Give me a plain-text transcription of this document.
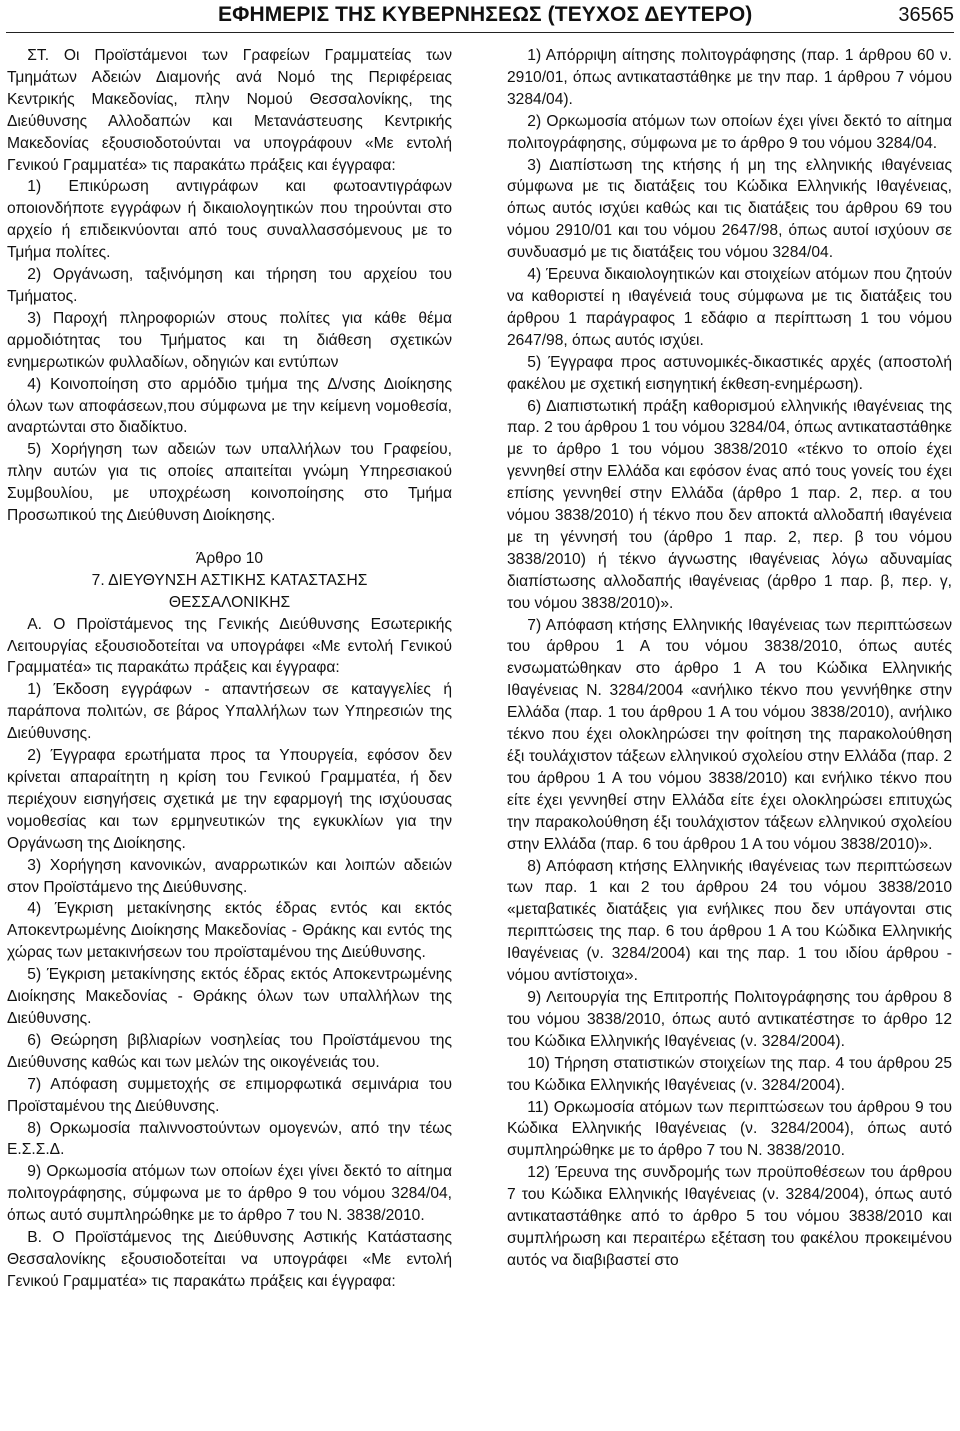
ΕΦΗΜΕΡΙΣ ΤΗΣ ΚΥΒΕΡΝΗΣΕΩΣ (ΤΕΥΧΟΣ ΔΕΥΤΕΡΟ)	36565

ΣΤ. Οι Προϊστάμενοι των Γραφείων Γραμματείας των Τμημάτων Αδειών Διαμονής ανά Νομό της Περιφέρειας Κεντρικής Μακεδονίας, πλην Νομού Θεσσαλονίκης, της Διεύθυνσης Αλλοδαπών και Μετανάστευσης Κεντρικής Μακεδονίας εξουσιοδοτούνται να υπογράφουν «Με εντολή Γενικού Γραμματέα» τις παρακάτω πράξεις και έγγραφα:

1) Επικύρωση αντιγράφων και φωτοαντιγράφων οποιονδήποτε εγγράφων ή δικαιολογητικών που τηρούνται στο αρχείο ή επιδεικνύονται από τους συναλλασσόμενους με το Τμήμα πολίτες.

2) Οργάνωση, ταξινόμηση και τήρηση του αρχείου του Τμήματος.

3) Παροχή πληροφοριών στους πολίτες για κάθε θέμα αρμοδιότητας του Τμήματος και τη διάθεση σχετικών ενημερωτικών φυλλαδίων, οδηγιών και εντύπων

4) Κοινοποίηση στο αρμόδιο τμήμα της Δ/νσης Διοίκησης όλων των αποφάσεων,που σύμφωνα με την κείμενη νομοθεσία, αναρτώνται στο διαδίκτυο.

5) Χορήγηση των αδειών των υπαλλήλων του Γραφείου, πλην αυτών για τις οποίες απαιτείται γνώμη Υπηρεσιακού Συμβουλίου, με υποχρέωση κοινοποίησης στο Τμήμα Προσωπικού της Διεύθυνση Διοίκησης.

Άρθρο 10

7. ΔΙΕΥΘΥΝΣΗ ΑΣΤΙΚΗΣ ΚΑΤΑΣΤΑΣΗΣ

ΘΕΣΣΑΛΟΝΙΚΗΣ

Α. Ο Προϊστάμενος της Γενικής Διεύθυνσης Εσωτερικής Λειτουργίας εξουσιοδοτείται να υπογράφει «Με εντολή Γενικού Γραμματέα» τις παρακάτω πράξεις και έγγραφα:

1) Έκδοση εγγράφων - απαντήσεων σε καταγγελίες ή παράπονα πολιτών, σε βάρος Υπαλλήλων των Υπηρεσιών της Διεύθυνσης.

2) Έγγραφα ερωτήματα προς τα Υπουργεία, εφόσον δεν κρίνεται απαραίτητη η κρίση του Γενικού Γραμματέα, ή δεν περιέχουν εισηγήσεις σχετικά με την εφαρμογή της ισχύουσας νομοθεσίας και των ερμηνευτικών της εγκυκλίων για την Οργάνωση της Διοίκησης.

3) Χορήγηση κανονικών, αναρρωτικών και λοιπών αδειών στον Προϊστάμενο της Διεύθυνσης.

4) Έγκριση μετακίνησης εκτός έδρας εντός και εκτός Αποκεντρωμένης Διοίκησης Μακεδονίας - Θράκης και εντός της χώρας των μετακινήσεων του προϊσταμένου της Διεύθυνσης.

5) Έγκριση μετακίνησης εκτός έδρας εκτός Αποκεντρωμένης Διοίκησης Μακεδονίας - Θράκης όλων των υπαλλήλων της Διεύθυνσης.

6) Θεώρηση βιβλιαρίων νοσηλείας του Προϊστάμενου της Διεύθυνσης καθώς και των μελών της οικογένειάς του.

7) Απόφαση συμμετοχής σε επιμορφωτικά σεμινάρια του Προϊσταμένου της Διεύθυνσης.

8) Ορκωμοσία παλιννοστούντων ομογενών, από την τέως Ε.Σ.Σ.Δ.

9) Ορκωμοσία ατόμων των οποίων έχει γίνει δεκτό το αίτημα πολιτογράφησης, σύμφωνα με το άρθρο 9 του νόμου 3284/04, όπως αυτό συμπληρώθηκε με το άρθρο 7 του Ν. 3838/2010.

Β. Ο Προϊστάμενος της Διεύθυνσης Αστικής Κατάστασης Θεσσαλονίκης εξουσιοδοτείται να υπογράφει «Με εντολή Γενικού Γραμματέα» τις παρακάτω πράξεις και έγγραφα:

1) Απόρριψη αίτησης πολιτογράφησης (παρ. 1 άρθρου 60 ν. 2910/01, όπως αντικαταστάθηκε με την παρ. 1 άρθρου 7 νόμου 3284/04).

2) Ορκωμοσία ατόμων των οποίων έχει γίνει δεκτό το αίτημα πολιτογράφησης, σύμφωνα με το άρθρο 9 του νόμου 3284/04.

3) Διαπίστωση της κτήσης ή μη της ελληνικής ιθαγένειας σύμφωνα με τις διατάξεις του Κώδικα Ελληνικής Ιθαγένειας, όπως αυτός ισχύει καθώς και τις διατάξεις του άρθρου 69 του νόμου 2910/01 και του νόμου 2647/98, όπως αυτοί ισχύουν σε συνδυασμό με τις διατάξεις του νόμου 3284/04.

4) Έρευνα δικαιολογητικών και στοιχείων ατόμων που ζητούν να καθοριστεί η ιθαγένειά τους σύμφωνα με τις διατάξεις του άρθρου 1 παράγραφος 1 εδάφιο α περίπτωση 1 του νόμου 2647/98, όπως αυτός ισχύει.

5) Έγγραφα προς αστυνομικές-δικαστικές αρχές (αποστολή φακέλου με σχετική εισηγητική έκθεση-ενημέρωση).

6) Διαπιστωτική πράξη καθορισμού ελληνικής ιθαγένειας της παρ. 2 του άρθρου 1 του νόμου 3284/04, όπως αντικαταστάθηκε με το άρθρο 1 του νόμου 3838/2010 «τέκνο το οποίο έχει γεννηθεί στην Ελλάδα και εφόσον ένας από τους γονείς του έχει επίσης γεννηθεί στην Ελλάδα (άρθρο 1 παρ. 2, περ. α του νόμου 3838/2010) ή τέκνο που δεν αποκτά αλλοδαπή ιθαγένεια με τη γέννησή του (άρθρο 1 παρ. 2, περ. β του νόμου 3838/2010) ή τέκνο άγνωστης ιθαγένειας λόγω αδυναμίας διαπίστωσης αλλοδαπής ιθαγένειας (άρθρο 1 παρ. β, περ. γ, του νόμου 3838/2010)».

7) Απόφαση κτήσης Ελληνικής Ιθαγένειας των περιπτώσεων του άρθρου 1 Α του νόμου 3838/2010, όπως αυτές ενσωματώθηκαν στο άρθρο 1 Α του Κώδικα Ελληνικής Ιθαγένειας Ν. 3284/2004 «ανήλικο τέκνο που γεννήθηκε στην Ελλάδα (παρ. 1 του άρθρου 1 Α του νόμου 3838/2010), ανήλικο τέκνο που έχει ολοκληρώσει την φοίτηση της παρακολούθηση έξι τουλάχιστον τάξεων ελληνικού σχολείου στην Ελλάδα (παρ. 2 του άρθρου 1 Α του νόμου 3838/2010) και ενήλικο τέκνο που είτε έχει γεννηθεί στην Ελλάδα είτε έχει ολοκληρώσει επιτυχώς την παρακολούθηση έξι τουλάχιστον τάξεων ελληνικού σχολείου στην Ελλάδα (παρ. 6 του άρθρου 1 Α του νόμου 3838/2010)».

8) Απόφαση κτήσης Ελληνικής ιθαγένειας των περιπτώσεων των παρ. 1 και 2 του άρθρου 24 του νόμου 3838/2010 «μεταβατικές διατάξεις για ενήλικες που δεν υπάγονται στις περιπτώσεις της παρ. 6 του άρθρου 1 Α του Κώδικα Ελληνικής Ιθαγένειας (ν. 3284/2004) και της παρ. 1 του ιδίου άρθρου - νόμου αντίστοιχα».

9) Λειτουργία της Επιτροπής Πολιτογράφησης του άρθρου 8 του νόμου 3838/2010, όπως αυτό αντικατέστησε το άρθρο 12 του Κώδικα Ελληνικής Ιθαγένειας (ν. 3284/2004).

10) Τήρηση στατιστικών στοιχείων της παρ. 4 του άρθρου 25 του Κώδικα Ελληνικής Ιθαγένειας (ν. 3284/2004).

11) Ορκωμοσία ατόμων των περιπτώσεων του άρθρου 9 του Κώδικα Ελληνικής Ιθαγένειας (ν. 3284/2004), όπως αυτό συμπληρώθηκε με το άρθρο 7 του Ν. 3838/2010.

12) Έρευνα της συνδρομής των προϋποθέσεων του άρθρου 7 του Κώδικα Ελληνικής Ιθαγένειας (ν. 3284/2004), όπως αυτό αντικαταστάθηκε από το άρθρο 5 του νόμου 3838/2010 και συμπλήρωση και περαιτέρω εξέταση του φακέλου προκειμένου αυτός να διαβιβαστεί στο
